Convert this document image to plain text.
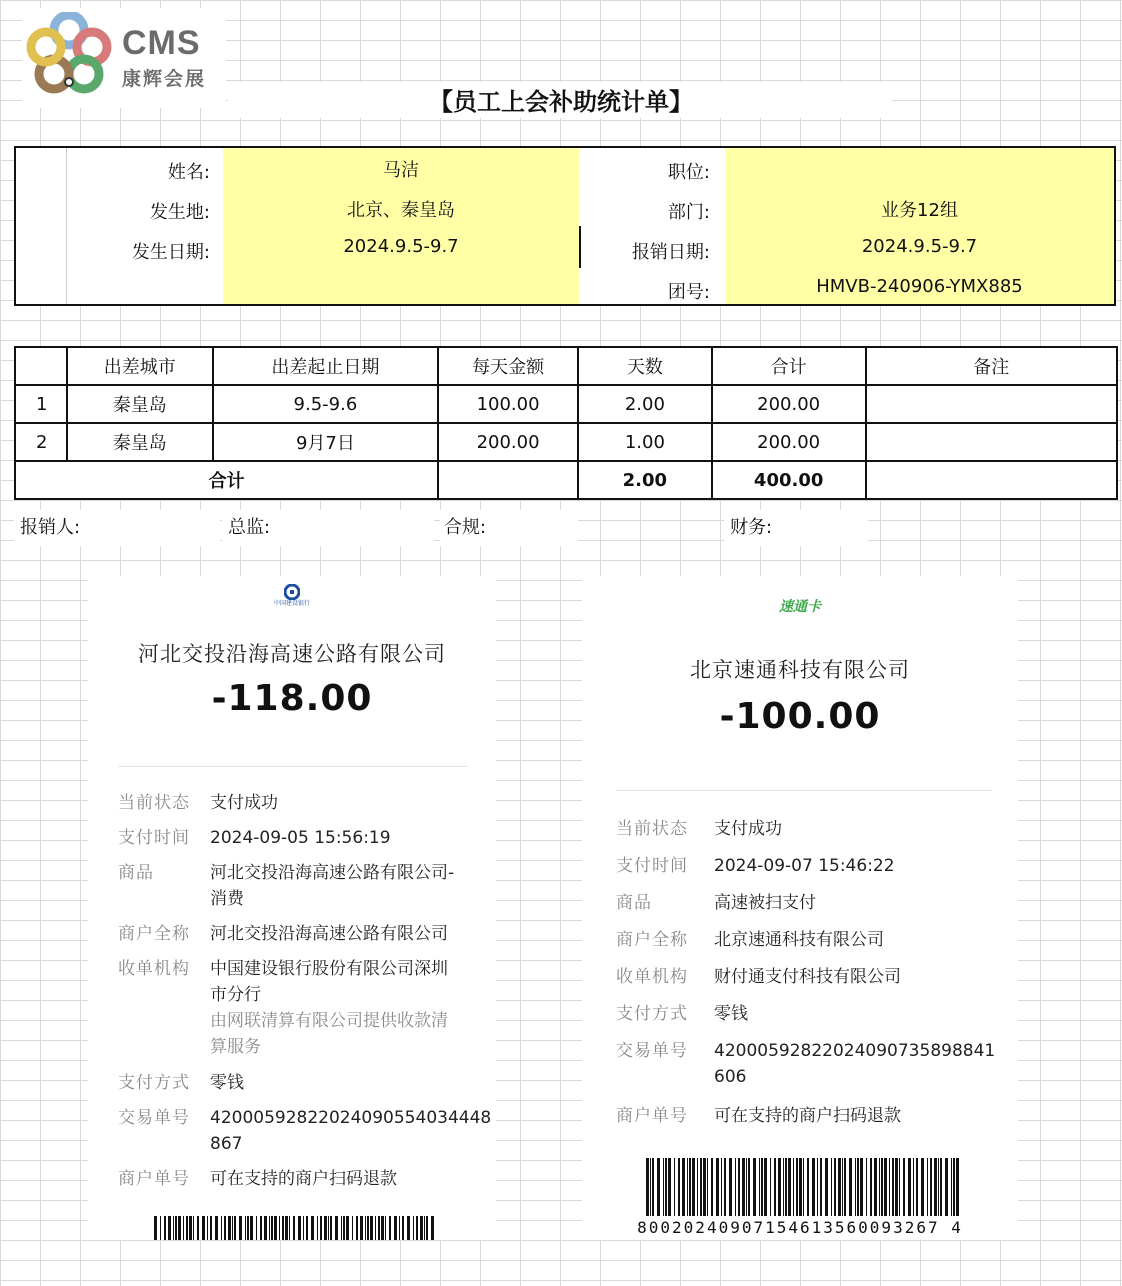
CMS
康辉会展
【员工上会补助统计单】
姓名:	马洁
发生地:	北京、秦皇岛
发生日期:	2024.9.5-9.7
职位:
部门:	业务12组
报销日期:	2024.9.5-9.7
团号:	HMVB-240906-YMX885
	出差城市	出差起止日期	每天金额	天数	合计	备注
1	秦皇岛	9.5-9.6	100.00	2.00	200.00	
2	秦皇岛	9月7日	200.00	1.00	200.00	
合计				2.00	400.00	
报销人:	总监:	合规:	财务:
中国建设银行
河北交投沿海高速公路有限公司
-118.00
当前状态 支付成功
支付时间 2024-09-05 15:56:19
商品	河北交投沿海高速公路有限公司-
消费
商户全称 河北交投沿海高速公路有限公司
收单机构 中国建设银行股份有限公司深圳
市分行
由网联清算有限公司提供收款清
算服务
支付方式 零钱
交易单号 42000592822024090554034448
867
商户单号 可在支持的商户扫码退款
速通卡
北京速通科技有限公司
-100.00
当前状态 支付成功
支付时间 2024-09-07 15:46:22
商品	高速被扫支付
商户全称 北京速通科技有限公司
收单机构 财付通支付科技有限公司
支付方式 零钱
交易单号 42000592822024090735898841
606
商户单号 可在支持的商户扫码退款
80020240907154613560093267 4
